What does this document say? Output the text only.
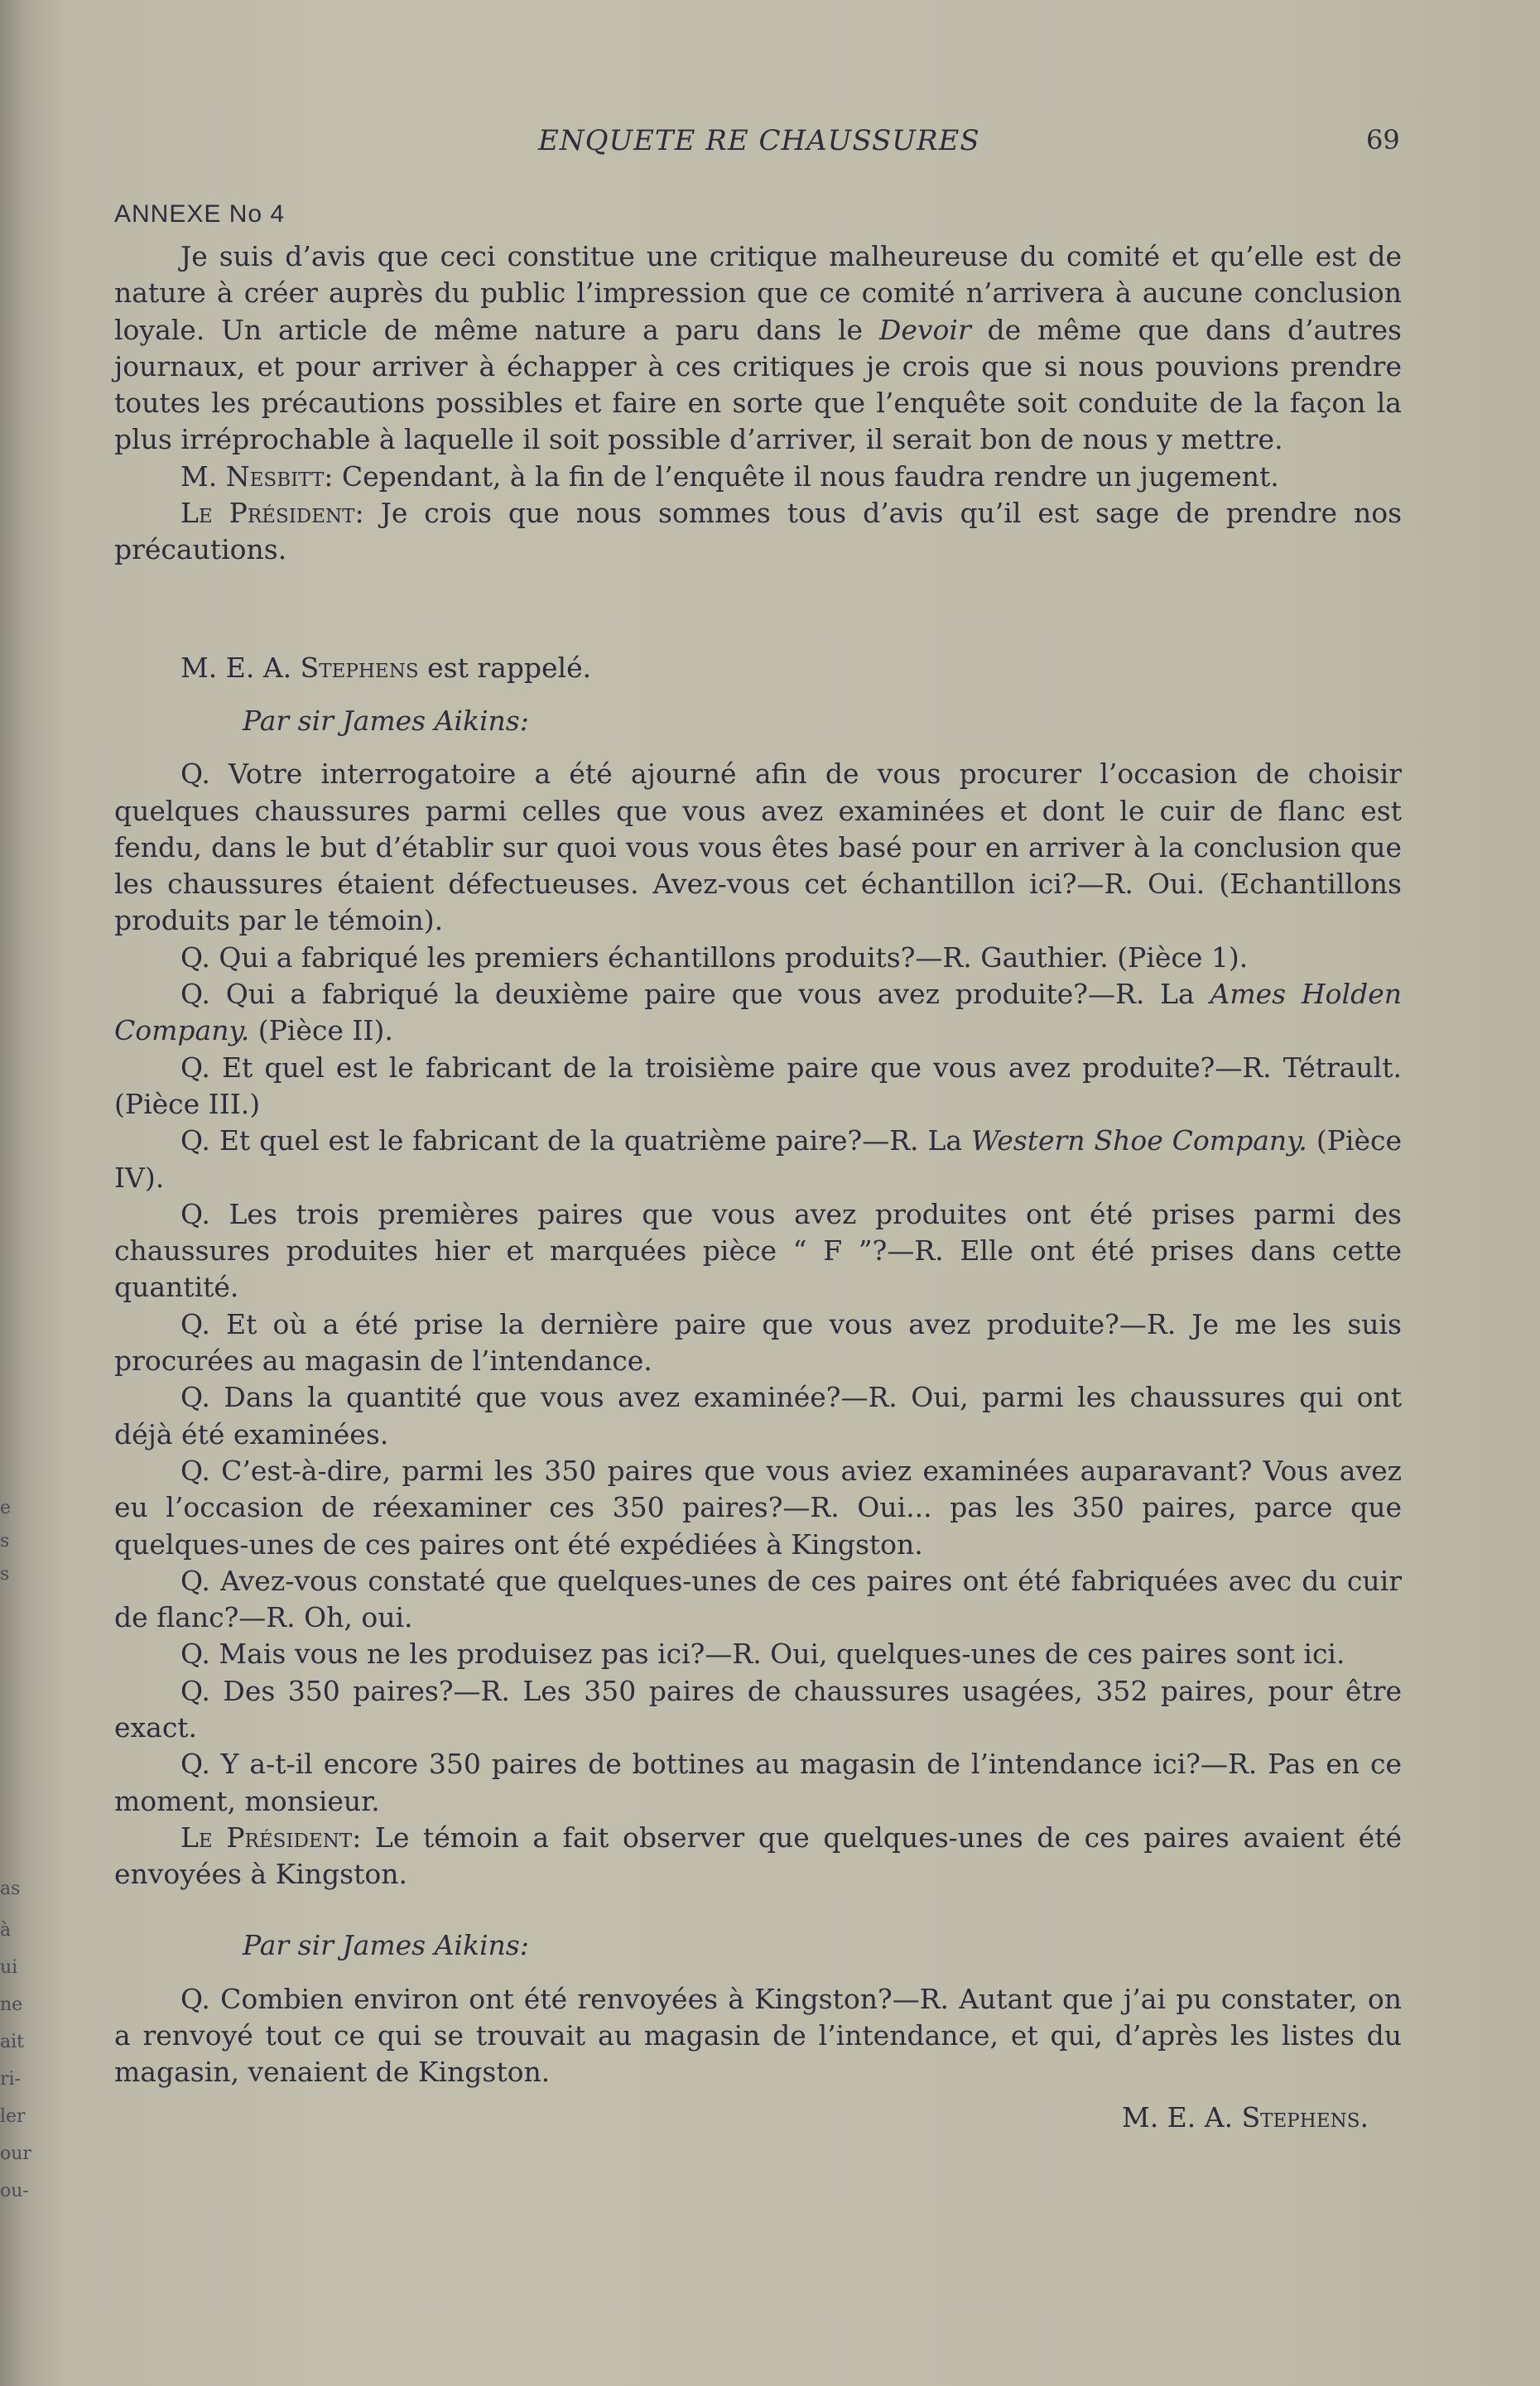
e
s
s
as
à
ui
ne
ait
ri-
ler
our
ou-
ENQUETE RE CHAUSSURES	69
ANNEXE No 4

Je suis d’avis que ceci constitue une critique malheureuse du comité et qu’elle est de nature à créer auprès du public l’impression que ce comité n’arrivera à aucune conclusion loyale. Un article de même nature a paru dans le Devoir de même que dans d’autres journaux, et pour arriver à échapper à ces critiques je crois que si nous pouvions prendre toutes les précautions possibles et faire en sorte que l’enquête soit conduite de la façon la plus irréprochable à laquelle il soit possible d’arriver, il serait bon de nous y mettre.

M. Nesbitt: Cependant, à la fin de l’enquête il nous faudra rendre un jugement.

Le Président: Je crois que nous sommes tous d’avis qu’il est sage de prendre nos précautions.

M. E. A. Stephens est rappelé.

Par sir James Aikins:

Q. Votre interrogatoire a été ajourné afin de vous procurer l’occasion de choisir quelques chaussures parmi celles que vous avez examinées et dont le cuir de flanc est fendu, dans le but d’établir sur quoi vous vous êtes basé pour en arriver à la conclusion que les chaussures étaient défectueuses. Avez-vous cet échantillon ici?—R. Oui. (Echantillons produits par le témoin).

Q. Qui a fabriqué les premiers échantillons produits?—R. Gauthier. (Pièce 1).

Q. Qui a fabriqué la deuxième paire que vous avez produite?—R. La Ames Holden Company. (Pièce II).

Q. Et quel est le fabricant de la troisième paire que vous avez produite?—R. Tétrault. (Pièce III.)

Q. Et quel est le fabricant de la quatrième paire?—R. La Western Shoe Company. (Pièce IV).

Q. Les trois premières paires que vous avez produites ont été prises parmi des chaussures produites hier et marquées pièce “ F ”?—R. Elle ont été prises dans cette quantité.

Q. Et où a été prise la dernière paire que vous avez produite?—R. Je me les suis procurées au magasin de l’intendance.

Q. Dans la quantité que vous avez examinée?—R. Oui, parmi les chaussures qui ont déjà été examinées.

Q. C’est-à-dire, parmi les 350 paires que vous aviez examinées auparavant? Vous avez eu l’occasion de réexaminer ces 350 paires?—R. Oui... pas les 350 paires, parce que quelques-unes de ces paires ont été expédiées à Kingston.

Q. Avez-vous constaté que quelques-unes de ces paires ont été fabriquées avec du cuir de flanc?—R. Oh, oui.

Q. Mais vous ne les produisez pas ici?—R. Oui, quelques-unes de ces paires sont ici.

Q. Des 350 paires?—R. Les 350 paires de chaussures usagées, 352 paires, pour être exact.

Q. Y a-t-il encore 350 paires de bottines au magasin de l’intendance ici?—R. Pas en ce moment, monsieur.

Le Président: Le témoin a fait observer que quelques-unes de ces paires avaient été envoyées à Kingston.

Par sir James Aikins:

Q. Combien environ ont été renvoyées à Kingston?—R. Autant que j’ai pu constater, on a renvoyé tout ce qui se trouvait au magasin de l’intendance, et qui, d’après les listes du magasin, venaient de Kingston.

M. E. A. Stephens.
